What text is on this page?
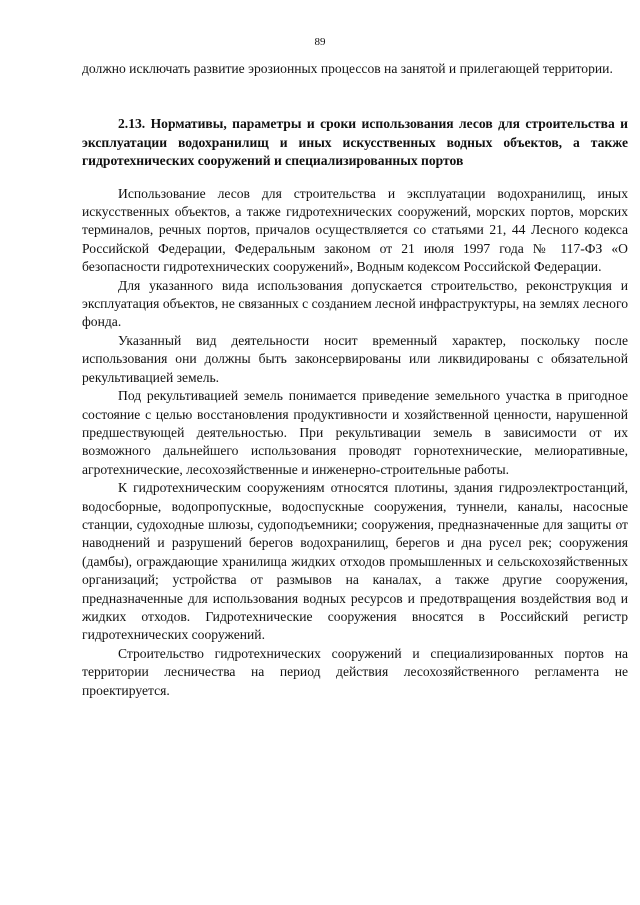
89

должно исключать развитие эрозионных процессов на занятой и прилегающей территории.

2.13. Нормативы, параметры и сроки использования лесов для строительства и эксплуатации водохранилищ и иных искусственных водных объектов, а также гидротехнических сооружений и специализированных портов

Использование лесов для строительства и эксплуатации водохранилищ, иных искусственных объектов, а также гидротехнических сооружений, морских портов, морских терминалов, речных портов, причалов осуществляется со статьями 21, 44 Лесного кодекса Российской Федерации, Федеральным законом от 21 июля 1997 года № 117-ФЗ «О безопасности гидротехнических сооружений», Водным кодексом Российской Федерации.

Для указанного вида использования допускается строительство, реконструкция и эксплуатация объектов, не связанных с созданием лесной инфраструктуры, на землях лесного фонда.

Указанный вид деятельности носит временный характер, поскольку после использования они должны быть законсервированы или ликвидированы с обязательной рекультивацией земель.

Под рекультивацией земель понимается приведение земельного участка в пригодное состояние с целью восстановления продуктивности и хозяйственной ценности, нарушенной предшествующей деятельностью. При рекультивации земель в зависимости от их возможного дальнейшего использования проводят горнотехнические, мелиоративные, агротехнические, лесохозяйственные и инженерно-строительные работы.

К гидротехническим сооружениям относятся плотины, здания гидроэлектростанций, водосборные, водопропускные, водоспускные сооружения, туннели, каналы, насосные станции, судоходные шлюзы, судоподъемники; сооружения, предназначенные для защиты от наводнений и разрушений берегов водохранилищ, берегов и дна русел рек; сооружения (дамбы), ограждающие хранилища жидких отходов промышленных и сельскохозяйственных организаций; устройства от размывов на каналах, а также другие сооружения, предназначенные для использования водных ресурсов и предотвращения воздействия вод и жидких отходов. Гидротехнические сооружения вносятся в Российский регистр гидротехнических сооружений.

Строительство гидротехнических сооружений и специализированных портов на территории лесничества на период действия лесохозяйственного регламента не проектируется.
